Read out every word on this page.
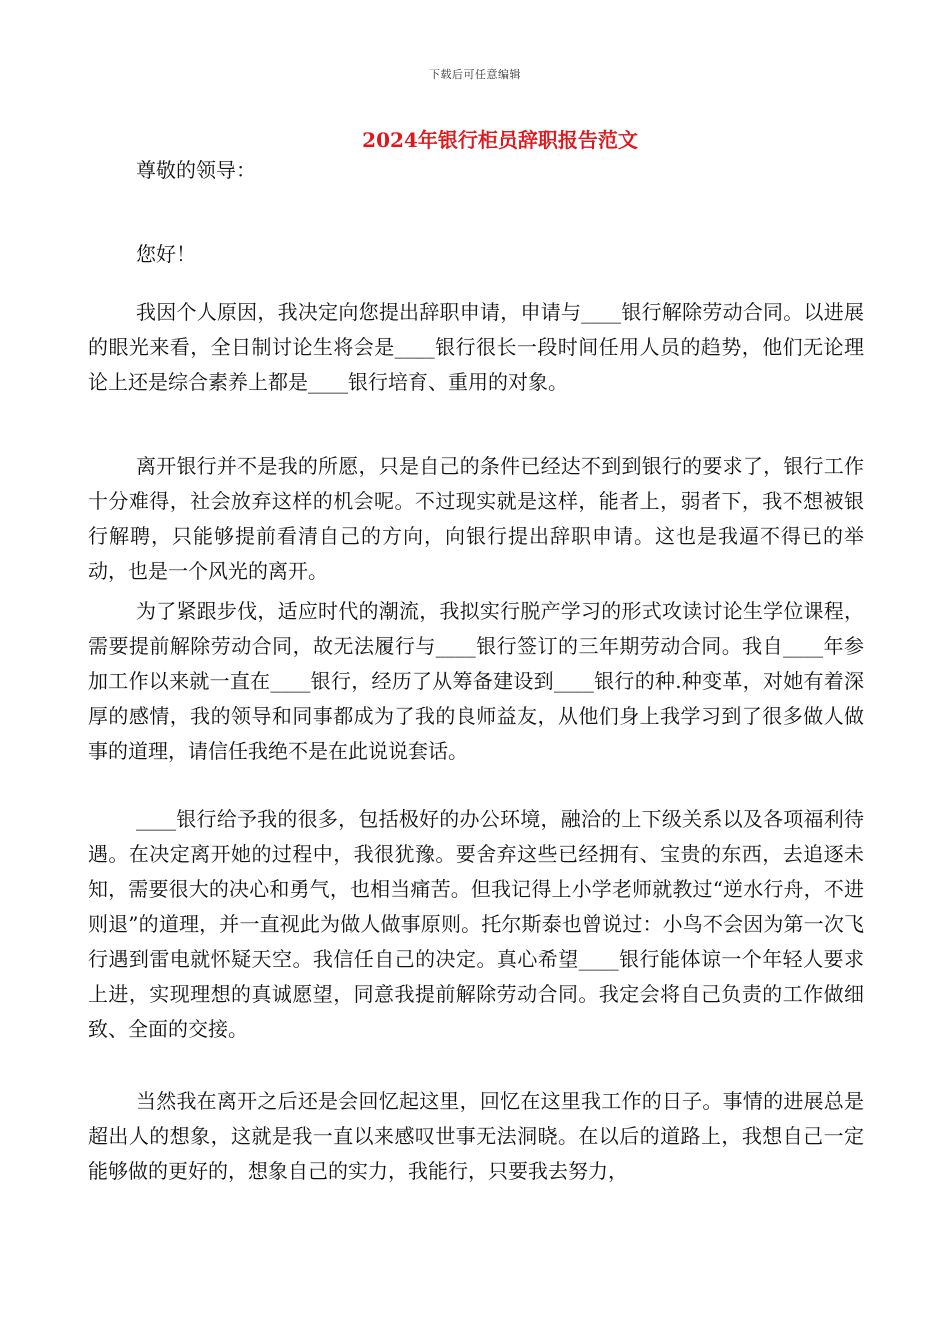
下载后可任意编辑
2024年银行柜员辞职报告范文
尊敬的领导：
您好！

我因个人原因，我决定向您提出辞职申请，申请与____银行解除劳动合同。以进展的眼光来看，全日制讨论生将会是____银行很长一段时间任用人员的趋势，他们无论理论上还是综合素养上都是____银行培育、重用的对象。

离开银行并不是我的所愿，只是自己的条件已经达不到到银行的要求了，银行工作十分难得，社会放弃这样的机会呢。不过现实就是这样，能者上，弱者下，我不想被银行解聘，只能够提前看清自己的方向，向银行提出辞职申请。这也是我逼不得已的举动，也是一个风光的离开。

为了紧跟步伐，适应时代的潮流，我拟实行脱产学习的形式攻读讨论生学位课程，需要提前解除劳动合同，故无法履行与____银行签订的三年期劳动合同。我自____年参加工作以来就一直在____银行，经历了从筹备建设到____银行的种.种变革，对她有着深厚的感情，我的领导和同事都成为了我的良师益友，从他们身上我学习到了很多做人做事的道理，请信任我绝不是在此说说套话。

____银行给予我的很多，包括极好的办公环境，融洽的上下级关系以及各项福利待遇。在决定离开她的过程中，我很犹豫。要舍弃这些已经拥有、宝贵的东西，去追逐未知，需要很大的决心和勇气，也相当痛苦。但我记得上小学老师就教过“逆水行舟，不进则退”的道理，并一直视此为做人做事原则。托尔斯泰也曾说过：小鸟不会因为第一次飞行遇到雷电就怀疑天空。我信任自己的决定。真心希望____银行能体谅一个年轻人要求上进，实现理想的真诚愿望，同意我提前解除劳动合同。我定会将自己负责的工作做细致、全面的交接。

当然我在离开之后还是会回忆起这里，回忆在这里我工作的日子。事情的进展总是超出人的想象，这就是我一直以来感叹世事无法洞晓。在以后的道路上，我想自己一定能够做的更好的，想象自己的实力，我能行，只要我去努力，
